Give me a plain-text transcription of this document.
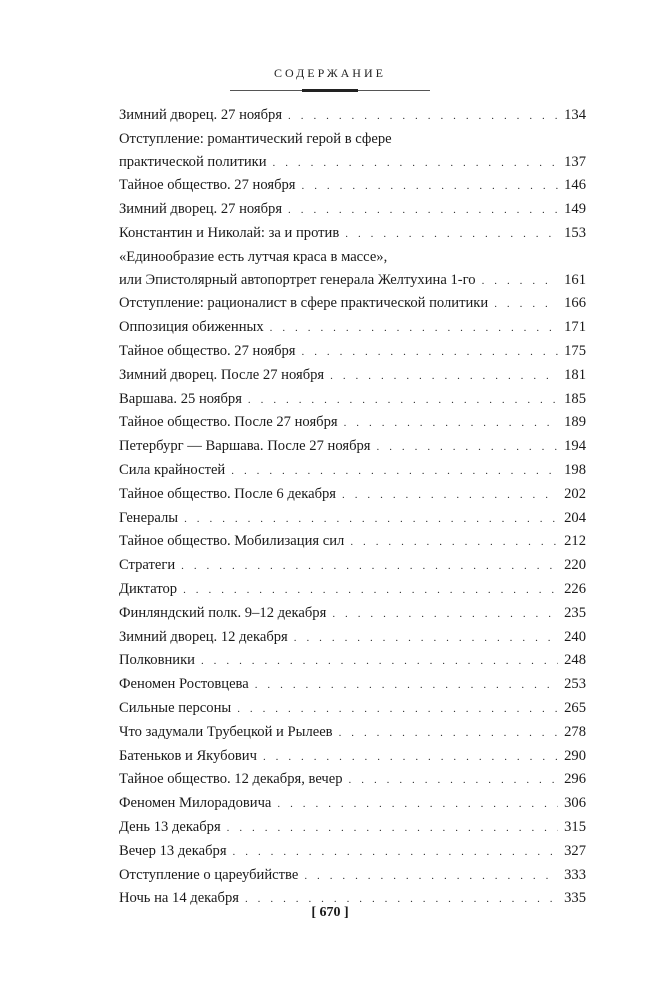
СОДЕРЖАНИЕ
Зимний дворец. 27 ноября . . .	134
Отступление: романтический герой в сфере
практической политики . . .	137
Тайное общество. 27 ноября . . .	146
Зимний дворец. 27 ноября . . .	149
Константин и Николай: за и против . . .	153
«Единообразие есть лутчая краса в массе»,
или Эпистолярный автопортрет генерала Желтухина 1-го . . .	161
Отступление: рационалист в сфере практической политики . . .	166
Оппозиция обиженных . . .	171
Тайное общество. 27 ноября . . .	175
Зимний дворец. После 27 ноября . . .	181
Варшава. 25 ноября . . .	185
Тайное общество. После 27 ноября . . .	189
Петербург — Варшава. После 27 ноября . . .	194
Сила крайностей . . .	198
Тайное общество. После 6 декабря . . .	202
Генералы . . .	204
Тайное общество. Мобилизация сил . . .	212
Стратеги . . .	220
Диктатор . . .	226
Финляндский полк. 9–12 декабря . . .	235
Зимний дворец. 12 декабря . . .	240
Полковники . . .	248
Феномен Ростовцева . . .	253
Сильные персоны . . .	265
Что задумали Трубецкой и Рылеев . . .	278
Батеньков и Якубович . . .	290
Тайное общество. 12 декабря, вечер . . .	296
Феномен Милорадовича . . .	306
День 13 декабря . . .	315
Вечер 13 декабря . . .	327
Отступление о цареубийстве . . .	333
Ночь на 14 декабря . . .	335
[ 670 ]
